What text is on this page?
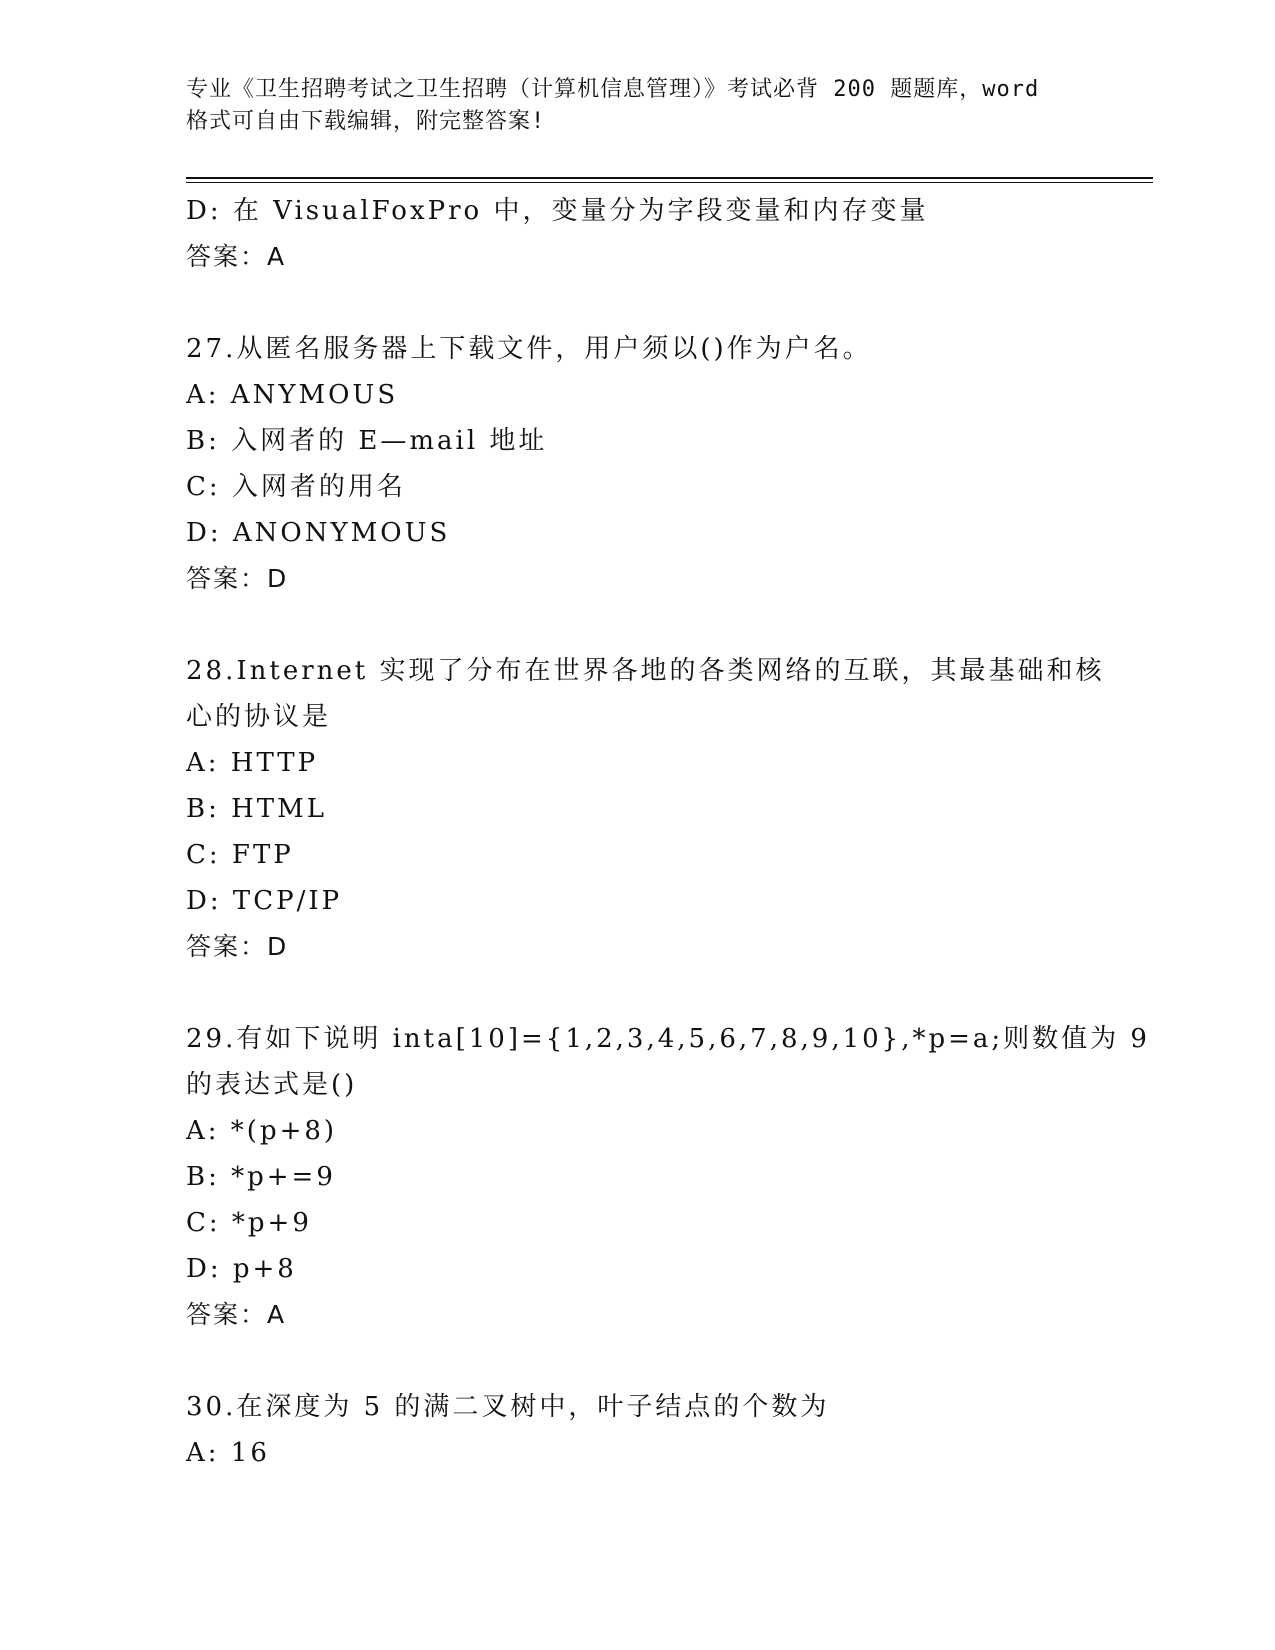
专业《卫生招聘考试之卫生招聘（计算机信息管理）》考试必背 200 题题库，word
格式可自由下载编辑，附完整答案!
D: 在 VisualFoxPro 中，变量分为字段变量和内存变量
答案：A
27.从匿名服务器上下载文件，用户须以()作为户名。
A: ANYMOUS
B: 入网者的 E—mail 地址
C: 入网者的用名
D: ANONYMOUS
答案：D
28.Internet 实现了分布在世界各地的各类网络的互联，其最基础和核
心的协议是
A: HTTP
B: HTML
C: FTP
D: TCP/IP
答案：D
29.有如下说明 inta[10]={1,2,3,4,5,6,7,8,9,10},*p=a;则数值为 9
的表达式是()
A: *(p+8)
B: *p+=9
C: *p+9
D: p+8
答案：A
30.在深度为 5 的满二叉树中，叶子结点的个数为
A: 16
